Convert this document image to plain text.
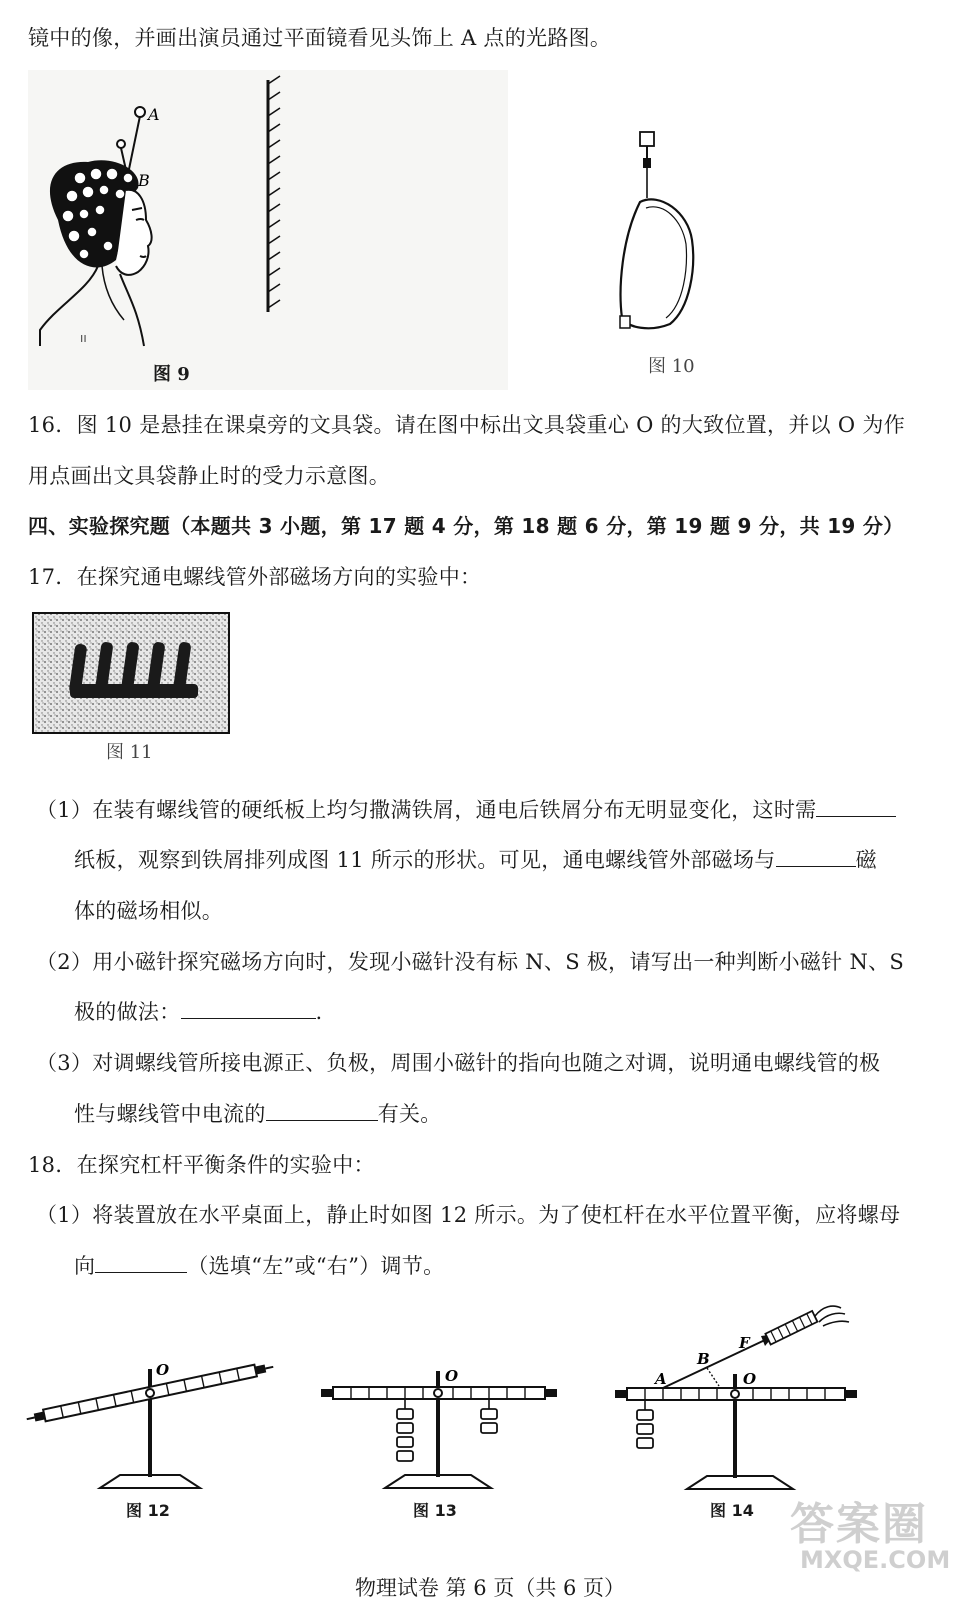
镜中的像，并画出演员通过平面镜看见头饰上 A 点的光路图。
A
B
ıı
图 9	图 10
16．图 10 是悬挂在课桌旁的文具袋。请在图中标出文具袋重心 O 的大致位置，并以 O 为作
用点画出文具袋静止时的受力示意图。
四、实验探究题（本题共 3 小题，第 17 题 4 分，第 18 题 6 分，第 19 题 9 分，共 19 分）
17．在探究通电螺线管外部磁场方向的实验中：
图 11
（1）在装有螺线管的硬纸板上均匀撒满铁屑，通电后铁屑分布无明显变化，这时需
纸板，观察到铁屑排列成图 11 所示的形状。可见，通电螺线管外部磁场与	磁
体的磁场相似。
（2）用小磁针探究磁场方向时，发现小磁针没有标 N、S 极，请写出一种判断小磁针 N、S
极的做法：	.
（3）对调螺线管所接电源正、负极，周围小磁针的指向也随之对调，说明通电螺线管的极
性与螺线管中电流的	有关。
18．在探究杠杆平衡条件的实验中：
（1）将装置放在水平桌面上，静止时如图 12 所示。为了使杠杆在水平位置平衡，应将螺母
向	（选填“左”或“右”）调节。
O
图 12
O
图 13
A
B
F
O
图 14 答案圈
MXQE.COM
物理试卷 第 6 页（共 6 页）
